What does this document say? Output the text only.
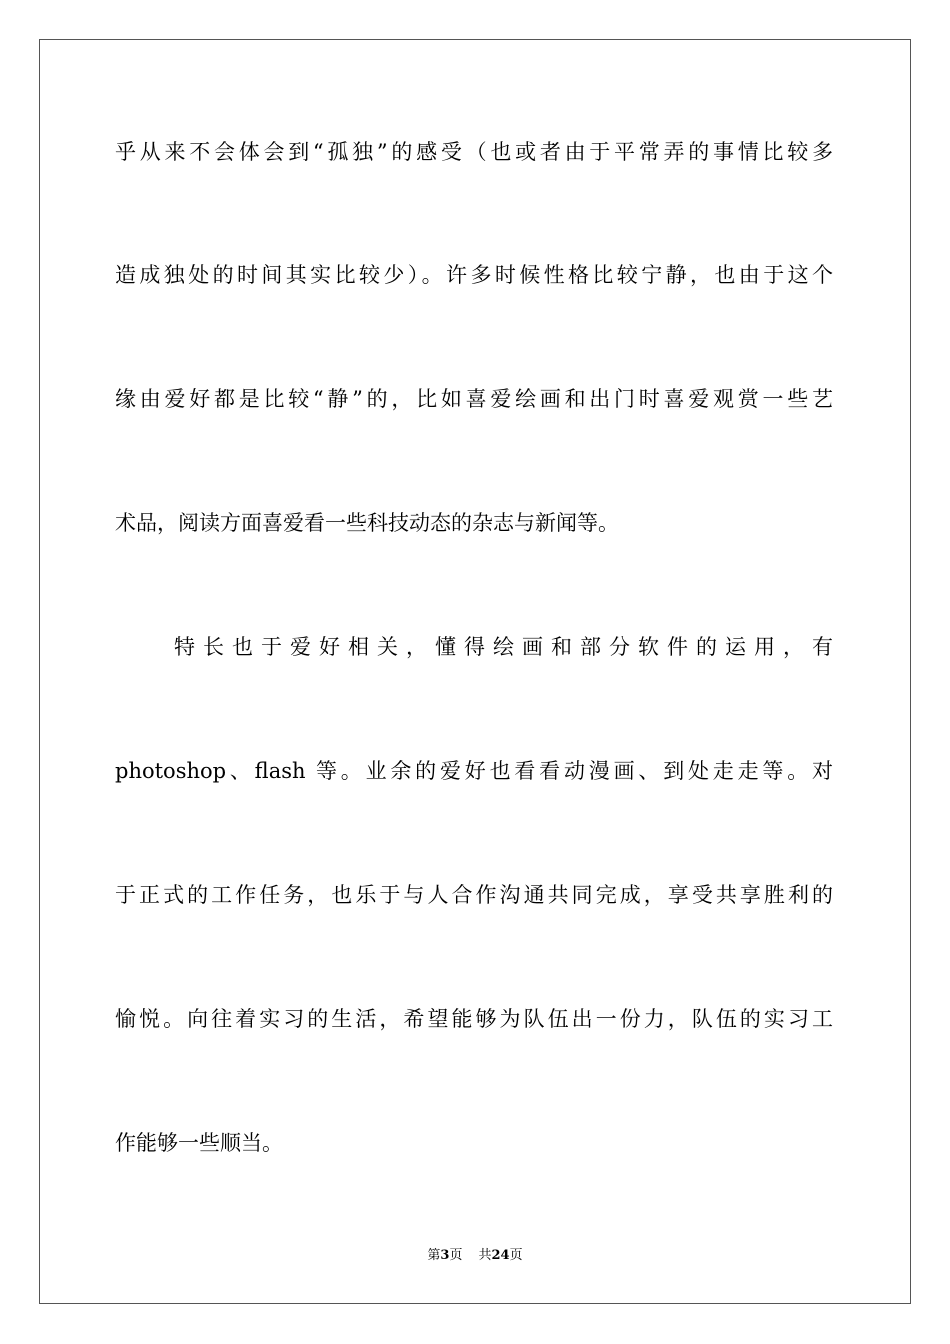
乎从来不会体会到“孤独”的感受（也或者由于平常弄的事情比较多
造成独处的时间其实比较少）。许多时候性格比较宁静，也由于这个
缘由爱好都是比较“静”的，比如喜爱绘画和出门时喜爱观赏一些艺
术品，阅读方面喜爱看一些科技动态的杂志与新闻等。
特长也于爱好相关，懂得绘画和部分软件的运用，有
photoshop、flash 等。业余的爱好也看看动漫画、到处走走等。对
于正式的工作任务，也乐于与人合作沟通共同完成，享受共享胜利的
愉悦。向往着实习的生活，希望能够为队伍出一份力，队伍的实习工
作能够一些顺当。
第3页 共24页
